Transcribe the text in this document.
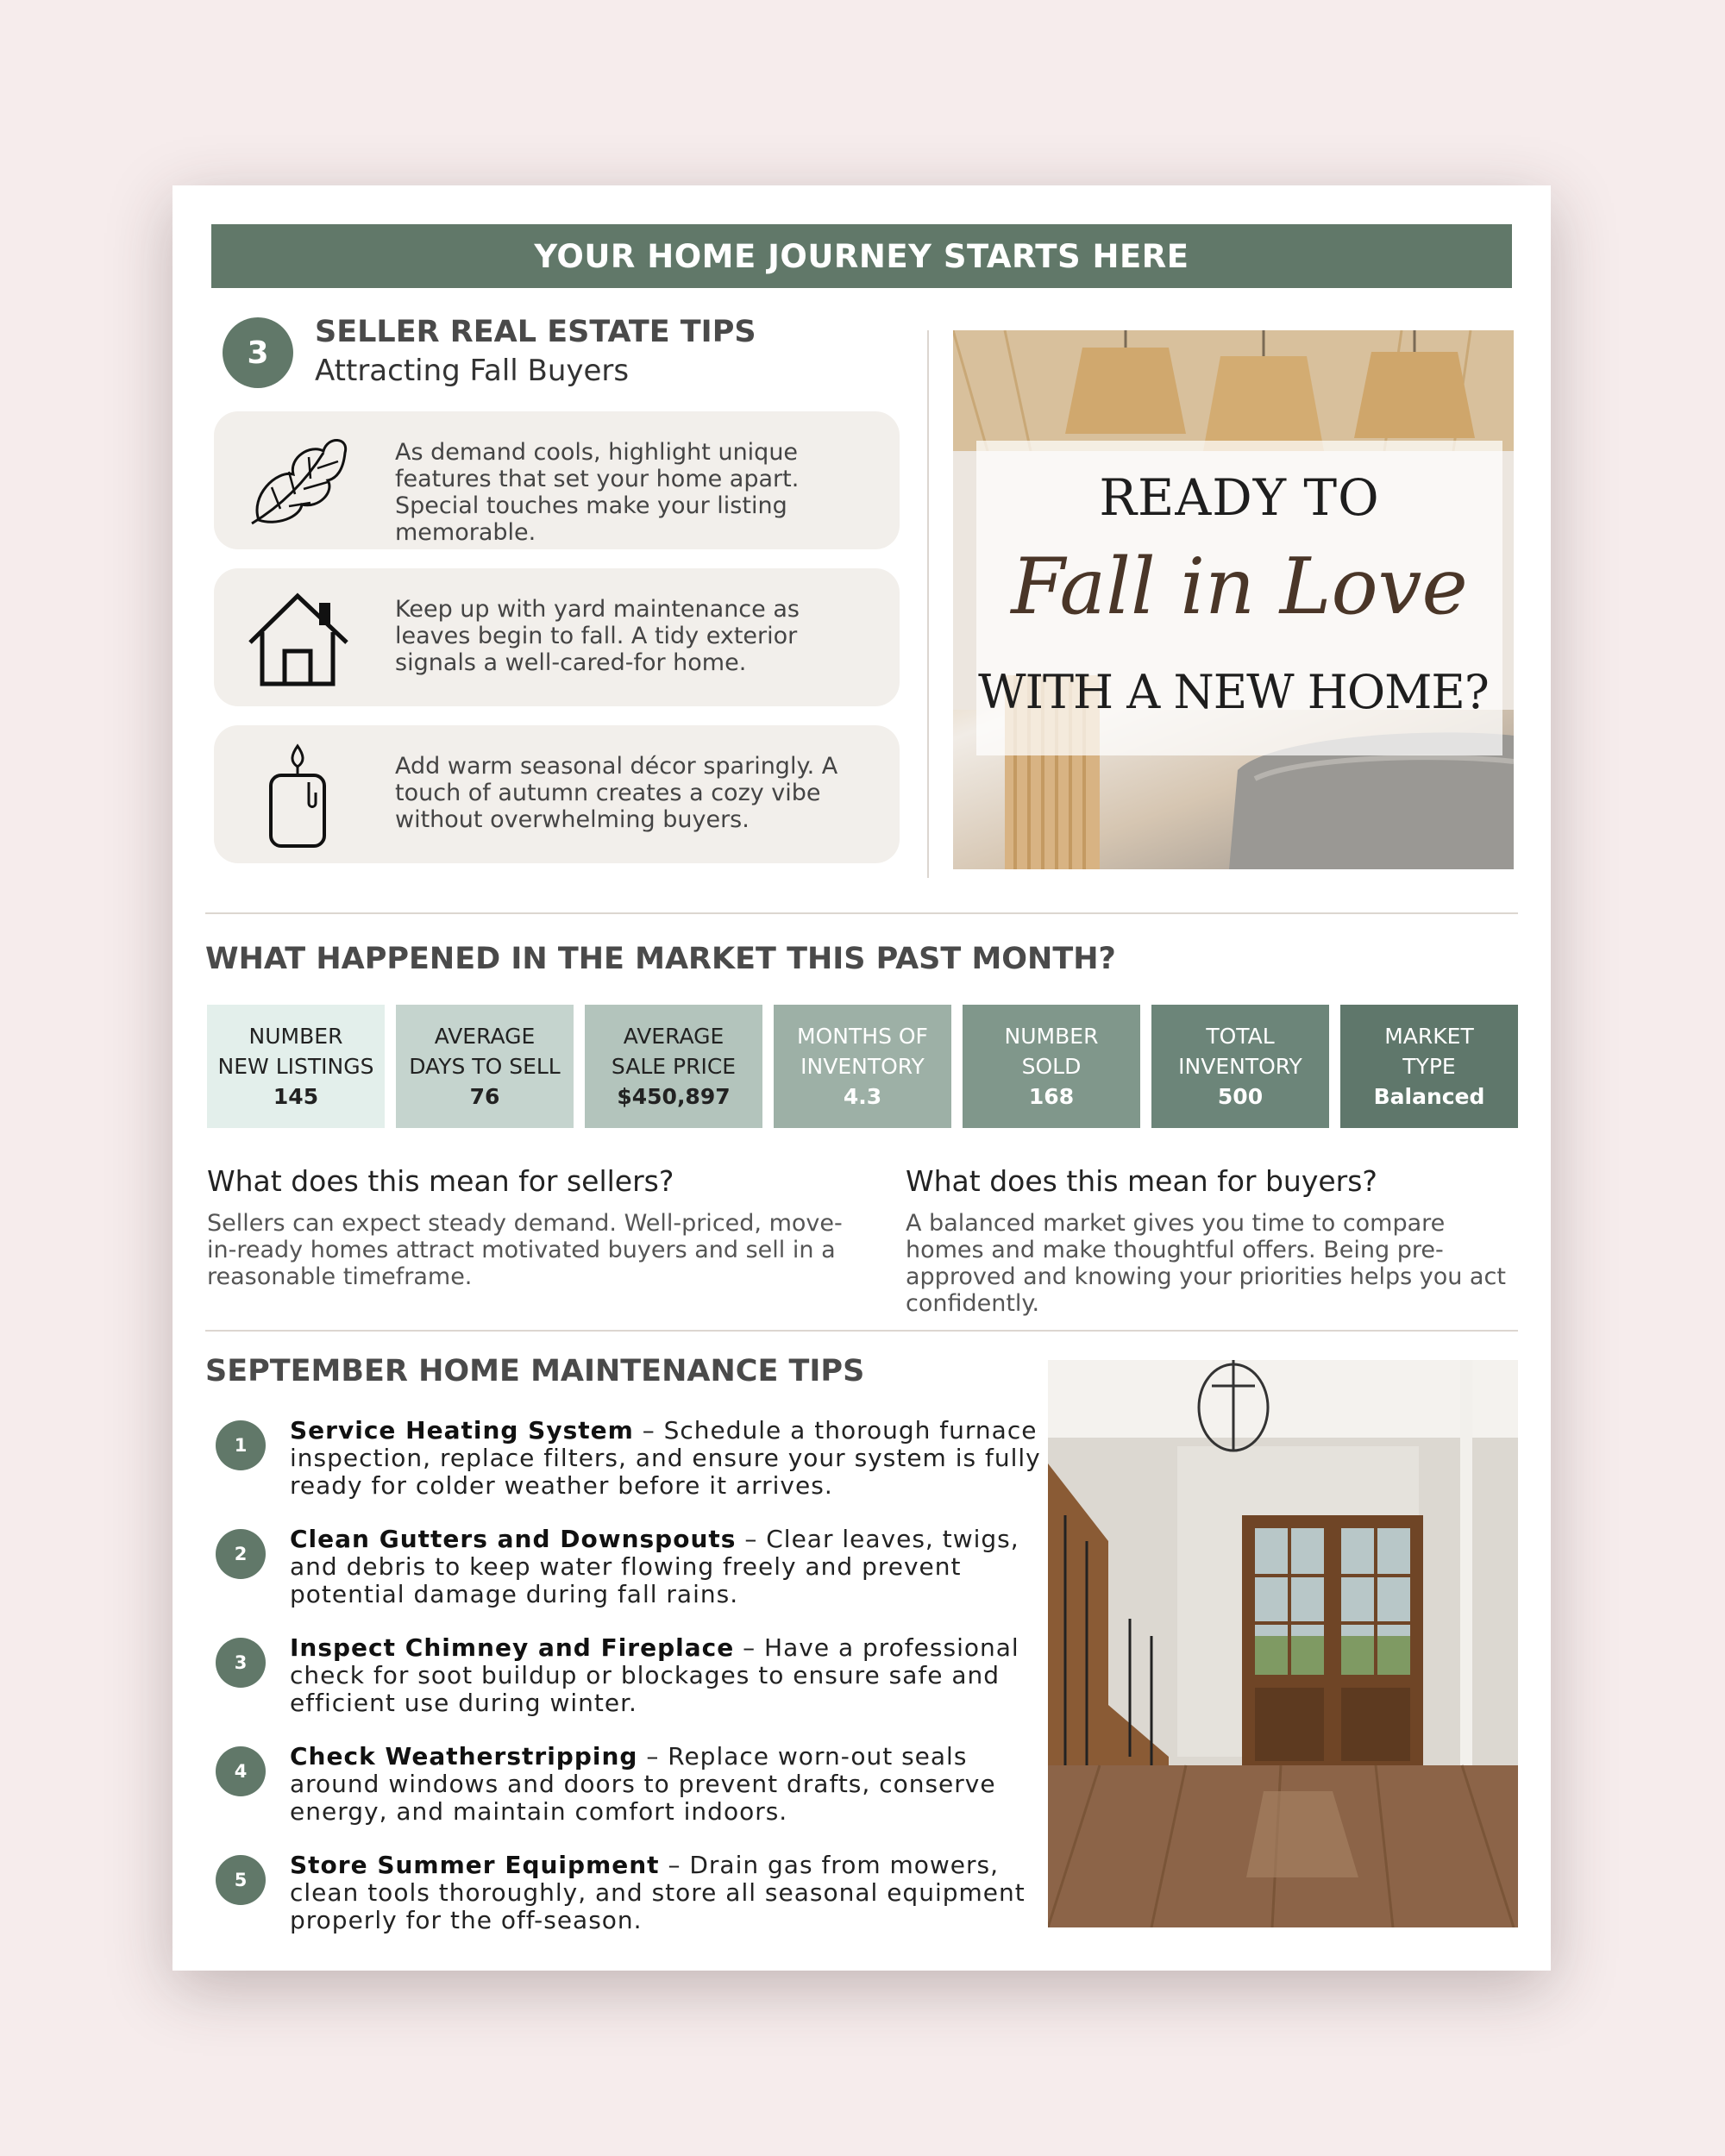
YOUR HOME JOURNEY STARTS HERE
3
SELLER REAL ESTATE TIPS
Attracting Fall Buyers
As demand cools, highlight unique features that set your home apart. Special touches make your listing memorable.
Keep up with yard maintenance as leaves begin to fall. A tidy exterior signals a well-cared-for home.
Add warm seasonal décor sparingly. A touch of autumn creates a cozy vibe without overwhelming buyers.
READY TO
Fall in Love
WITH A NEW HOME?
WHAT HAPPENED IN THE MARKET THIS PAST MONTH?
NUMBER
NEW LISTINGS
145
AVERAGE
DAYS TO SELL
76
AVERAGE
SALE PRICE
$450,897
MONTHS OF
INVENTORY
4.3
NUMBER
SOLD
168
TOTAL
INVENTORY
500
MARKET
TYPE
Balanced
What does this mean for sellers?
Sellers can expect steady demand. Well-priced, move-in-ready homes attract motivated buyers and sell in a reasonable timeframe.
What does this mean for buyers?
A balanced market gives you time to compare homes and make thoughtful offers. Being pre-approved and knowing your priorities helps you act confidently.
SEPTEMBER HOME MAINTENANCE TIPS
1
Service Heating System – Schedule a thorough furnace inspection, replace filters, and ensure your system is fully ready for colder weather before it arrives.
2
Clean Gutters and Downspouts – Clear leaves, twigs, and debris to keep water flowing freely and prevent potential damage during fall rains.
3
Inspect Chimney and Fireplace – Have a professional check for soot buildup or blockages to ensure safe and efficient use during winter.
4
Check Weatherstripping – Replace worn-out seals around windows and doors to prevent drafts, conserve energy, and maintain comfort indoors.
5
Store Summer Equipment – Drain gas from mowers, clean tools thoroughly, and store all seasonal equipment properly for the off-season.
